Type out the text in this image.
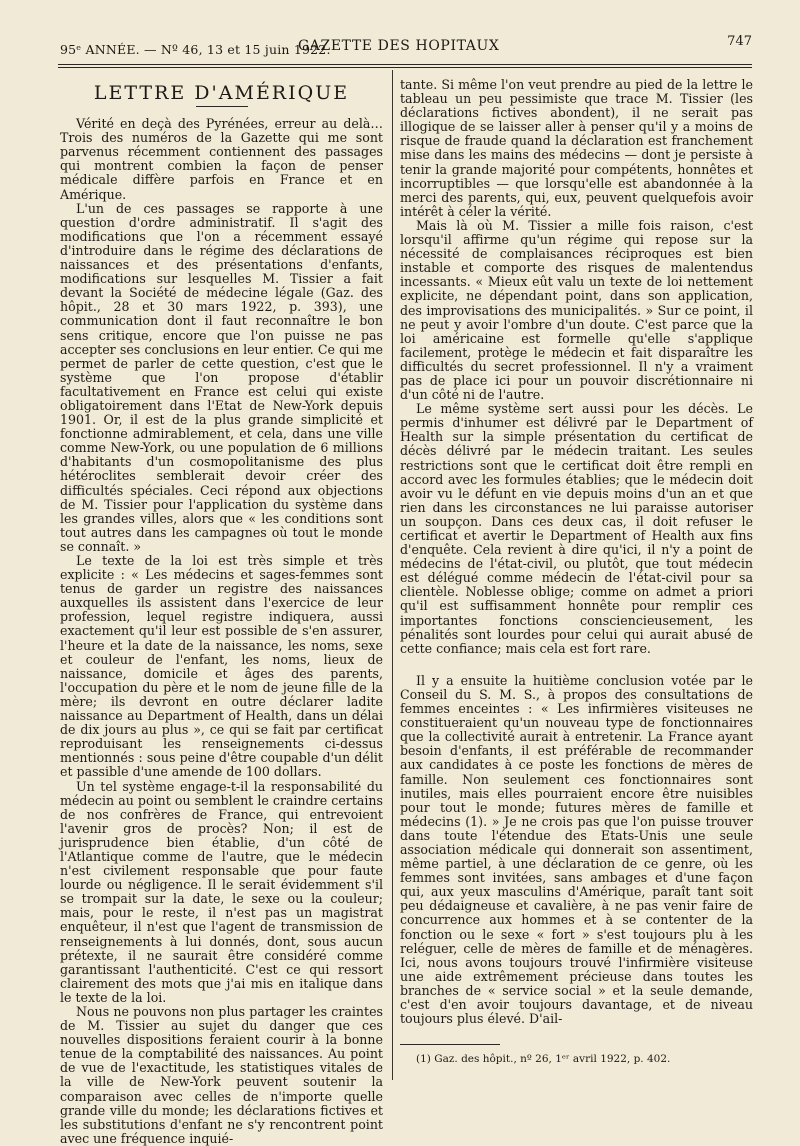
95ᵉ ANNÉE. — Nº 46, 13 et 15 juin 1922.
GAZETTE DES HOPITAUX	747
LETTRE D'AMÉRIQUE

Vérité en deçà des Pyrénées, erreur au delà… Trois des numéros de la Gazette qui me sont parvenus récemment contiennent des passages qui montrent combien la façon de penser médicale diffère parfois en France et en Amérique.

L'un de ces passages se rapporte à une question d'ordre administratif. Il s'agit des modifications que l'on a récemment essayé d'introduire dans le régime des déclarations de naissances et des présentations d'enfants, modifications sur lesquelles M. Tissier a fait devant la Société de médecine légale (Gaz. des hôpit., 28 et 30 mars 1922, p. 393), une communication dont il faut reconnaître le bon sens critique, encore que l'on puisse ne pas accepter ses conclusions en leur entier. Ce qui me permet de parler de cette question, c'est que le système que l'on propose d'établir facultativement en France est celui qui existe obligatoirement dans l'Etat de New-York depuis 1901. Or, il est de la plus grande simplicité et fonctionne admirablement, et cela, dans une ville comme New-York, ou une population de 6 millions d'habitants d'un cosmopolitanisme des plus hétéroclites semblerait devoir créer des difficultés spéciales. Ceci répond aux objections de M. Tissier pour l'application du système dans les grandes villes, alors que « les conditions sont tout autres dans les campagnes où tout le monde se connaît. »

Le texte de la loi est très simple et très explicite : « Les médecins et sages-femmes sont tenus de garder un registre des naissances auxquelles ils assistent dans l'exercice de leur profession, lequel registre indiquera, aussi exactement qu'il leur est possible de s'en assurer, l'heure et la date de la naissance, les noms, sexe et couleur de l'enfant, les noms, lieux de naissance, domicile et âges des parents, l'occupation du père et le nom de jeune fille de la mère; ils devront en outre déclarer ladite naissance au Department of Health, dans un délai de dix jours au plus », ce qui se fait par certificat reproduisant les renseignements ci-dessus mentionnés : sous peine d'être coupable d'un délit et passible d'une amende de 100 dollars.

Un tel système engage-t-il la responsabilité du médecin au point ou semblent le craindre certains de nos confrères de France, qui entrevoient l'avenir gros de procès? Non; il est de jurisprudence bien établie, d'un côté de l'Atlantique comme de l'autre, que le médecin n'est civilement responsable que pour faute lourde ou négligence. Il le serait évidemment s'il se trompait sur la date, le sexe ou la couleur; mais, pour le reste, il n'est pas un magistrat enquêteur, il n'est que l'agent de transmission de renseignements à lui donnés, dont, sous aucun prétexte, il ne saurait être considéré comme garantissant l'authenticité. C'est ce qui ressort clairement des mots que j'ai mis en italique dans le texte de la loi.

Nous ne pouvons non plus partager les craintes de M. Tissier au sujet du danger que ces nouvelles dispositions feraient courir à la bonne tenue de la comptabilité des naissances. Au point de vue de l'exactitude, les statistiques vitales de la ville de New-York peuvent soutenir la comparaison avec celles de n'importe quelle grande ville du monde; les déclarations fictives et les substitutions d'enfant ne s'y rencontrent point avec une fréquence inquié-

tante. Si même l'on veut prendre au pied de la lettre le tableau un peu pessimiste que trace M. Tissier (les déclarations fictives abondent), il ne serait pas illogique de se laisser aller à penser qu'il y a moins de risque de fraude quand la déclaration est franchement mise dans les mains des médecins — dont je persiste à tenir la grande majorité pour compétents, honnêtes et incorruptibles — que lorsqu'elle est abandonnée à la merci des parents, qui, eux, peuvent quelquefois avoir intérêt à céler la vérité.

Mais là où M. Tissier a mille fois raison, c'est lorsqu'il affirme qu'un régime qui repose sur la nécessité de complaisances réciproques est bien instable et comporte des risques de malentendus incessants. « Mieux eût valu un texte de loi nettement explicite, ne dépendant point, dans son application, des improvisations des municipalités. » Sur ce point, il ne peut y avoir l'ombre d'un doute. C'est parce que la loi américaine est formelle qu'elle s'applique facilement, protège le médecin et fait disparaître les difficultés du secret professionnel. Il n'y a vraiment pas de place ici pour un pouvoir discrétionnaire ni d'un côté ni de l'autre.

Le même système sert aussi pour les décès. Le permis d'inhumer est délivré par le Department of Health sur la simple présentation du certificat de décès délivré par le médecin traitant. Les seules restrictions sont que le certificat doit être rempli en accord avec les formules établies; que le médecin doit avoir vu le défunt en vie depuis moins d'un an et que rien dans les circonstances ne lui paraisse autoriser un soupçon. Dans ces deux cas, il doit refuser le certificat et avertir le Department of Health aux fins d'enquête. Cela revient à dire qu'ici, il n'y a point de médecins de l'état-civil, ou plutôt, que tout médecin est délégué comme médecin de l'état-civil pour sa clientèle. Noblesse oblige; comme on admet a priori qu'il est suffisamment honnête pour remplir ces importantes fonctions consciencieusement, les pénalités sont lourdes pour celui qui aurait abusé de cette confiance; mais cela est fort rare.

Il y a ensuite la huitième conclusion votée par le Conseil du S. M. S., à propos des consultations de femmes enceintes : « Les infirmières visiteuses ne constitueraient qu'un nouveau type de fonctionnaires que la collectivité aurait à entretenir. La France ayant besoin d'enfants, il est préférable de recommander aux candidates à ce poste les fonctions de mères de famille. Non seulement ces fonctionnaires sont inutiles, mais elles pourraient encore être nuisibles pour tout le monde; futures mères de famille et médecins (1). » Je ne crois pas que l'on puisse trouver dans toute l'étendue des Etats-Unis une seule association médicale qui donnerait son assentiment, même partiel, à une déclaration de ce genre, où les femmes sont invitées, sans ambages et d'une façon qui, aux yeux masculins d'Amérique, paraît tant soit peu dédaigneuse et cavalière, à ne pas venir faire de concurrence aux hommes et à se contenter de la fonction ou le sexe « fort » s'est toujours plu à les reléguer, celle de mères de famille et de ménagères. Ici, nous avons toujours trouvé l'infirmière visiteuse une aide extrêmement précieuse dans toutes les branches de « service social » et la seule demande, c'est d'en avoir toujours davantage, et de niveau toujours plus élevé. D'ail-

(1) Gaz. des hôpit., nº 26, 1ᵉʳ avril 1922, p. 402.
